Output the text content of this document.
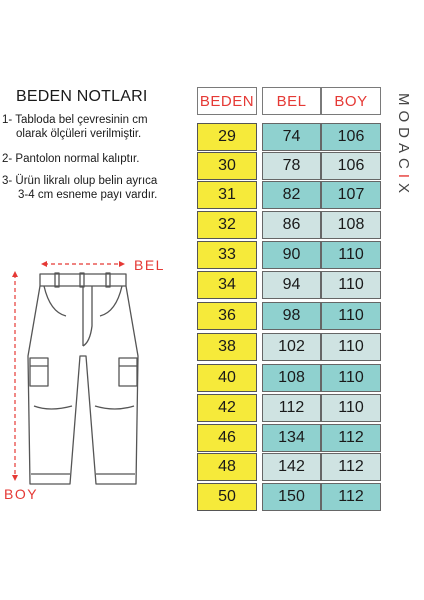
BEDEN NOTLARI
1- Tabloda bel çevresinin cm
olarak ölçüleri verilmiştir.
2- Pantolon normal kalıptır.
3- Ürün likralı olup belin ayrıca
3-4 cm esneme payı vardır.
BEDEN	BEL	BOY
29	74	106
30	78	106
31	82	107
32	86	108
33	90	110
34	94	110
36	98	110
38	102	110
40	108	110
42	112	110
46	134	112
48	142	112
50	150	112
MODACIX
BEL
BOY
